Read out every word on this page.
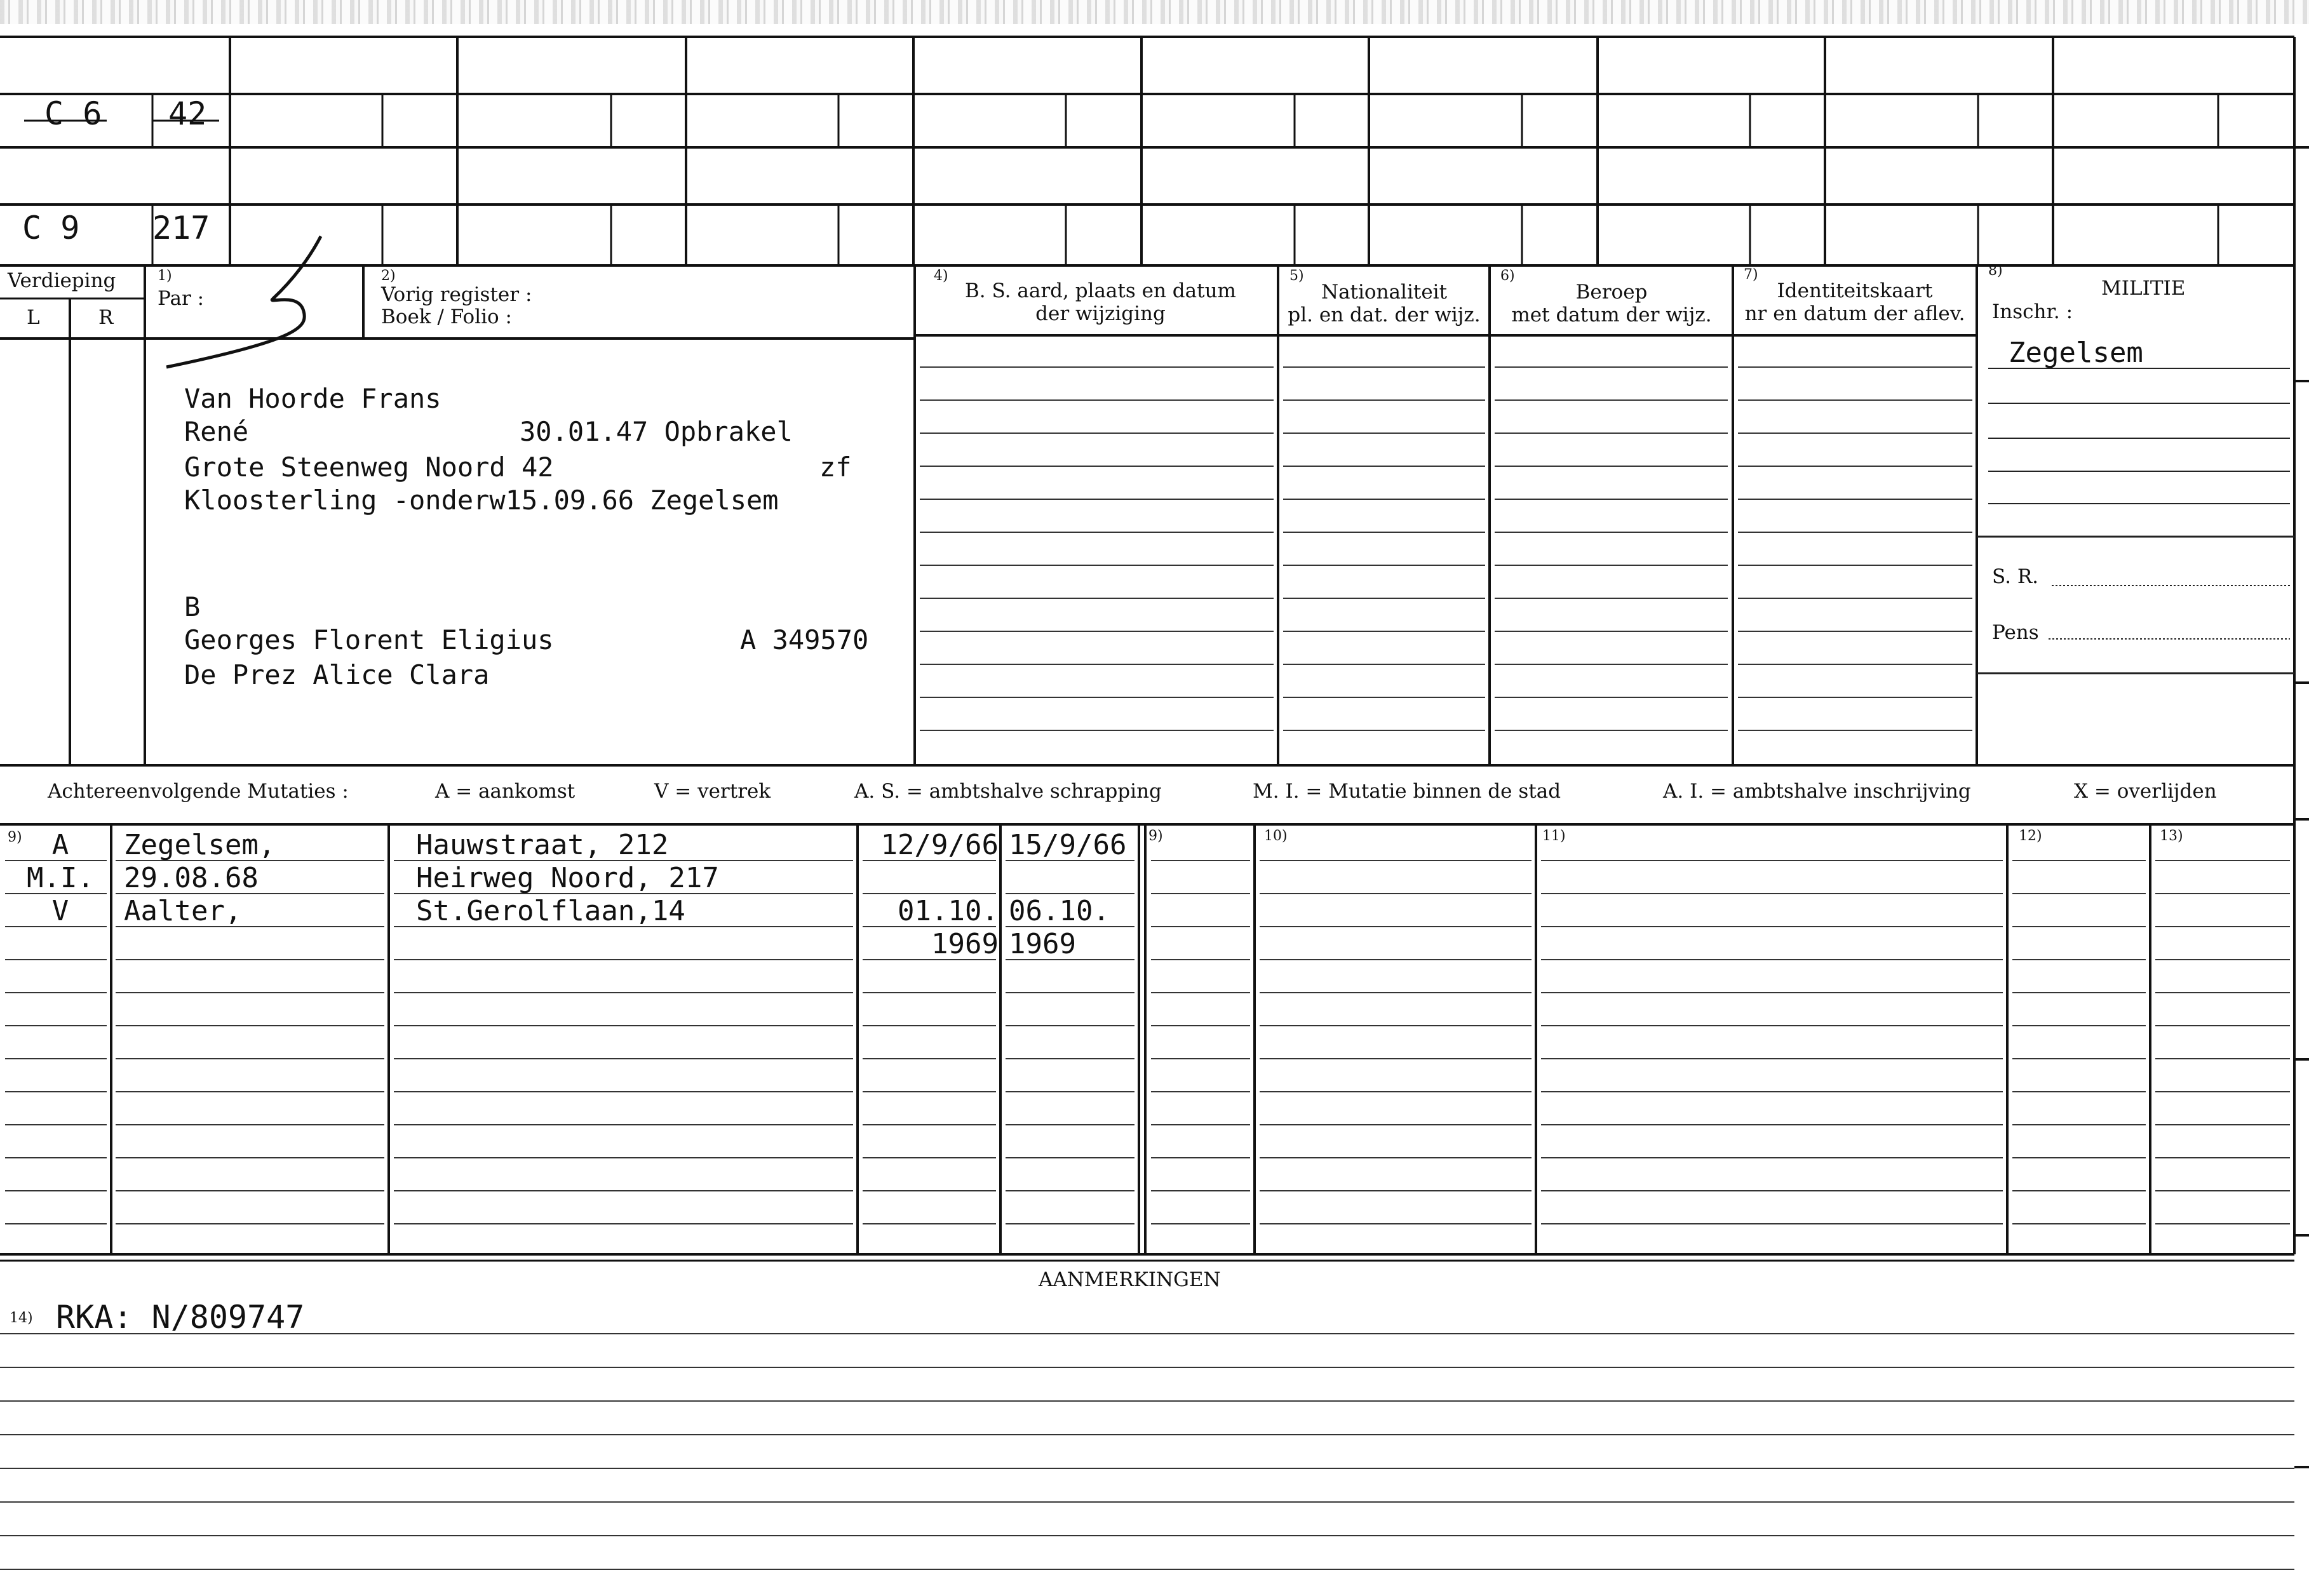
C 6 42
C 9 217
Verdieping
L	R
1)
Par :
2)
Vorig register :
Boek / Folio :
4)
B. S. aard, plaats en datum
der wijziging
5)
Nationaliteit
pl. en dat. der wijz.
6)
Beroep
met datum der wijz.
7)
Identiteitskaart
nr en datum der aflev.
8)
MILITIE
Inschr. :
Zegelsem
S. R.
Pens
Van Hoorde Frans
René	30.01.47 Opbrakel
Grote Steenweg Noord 42	zf
Kloosterling -onderw15.09.66 Zegelsem
B
Georges Florent Eligius	A 349570
De Prez Alice Clara
Achtereenvolgende Mutaties :	A = aankomst	V = vertrek	A. S. = ambtshalve schrapping	M. I. = Mutatie binnen de stad	A. I. = ambtshalve inschrijving	X = overlijden
9)	9)	10)	11)	12)	13)
A	Zegelsem,	Hauwstraat, 212	12/9/66 15/9/66
M.I.	29.08.68	Heirweg Noord, 217
V	Aalter,	St.Gerolflaan,14	01.10. 06.10.
1969 1969
AANMERKINGEN
14) RKA: N/809747
